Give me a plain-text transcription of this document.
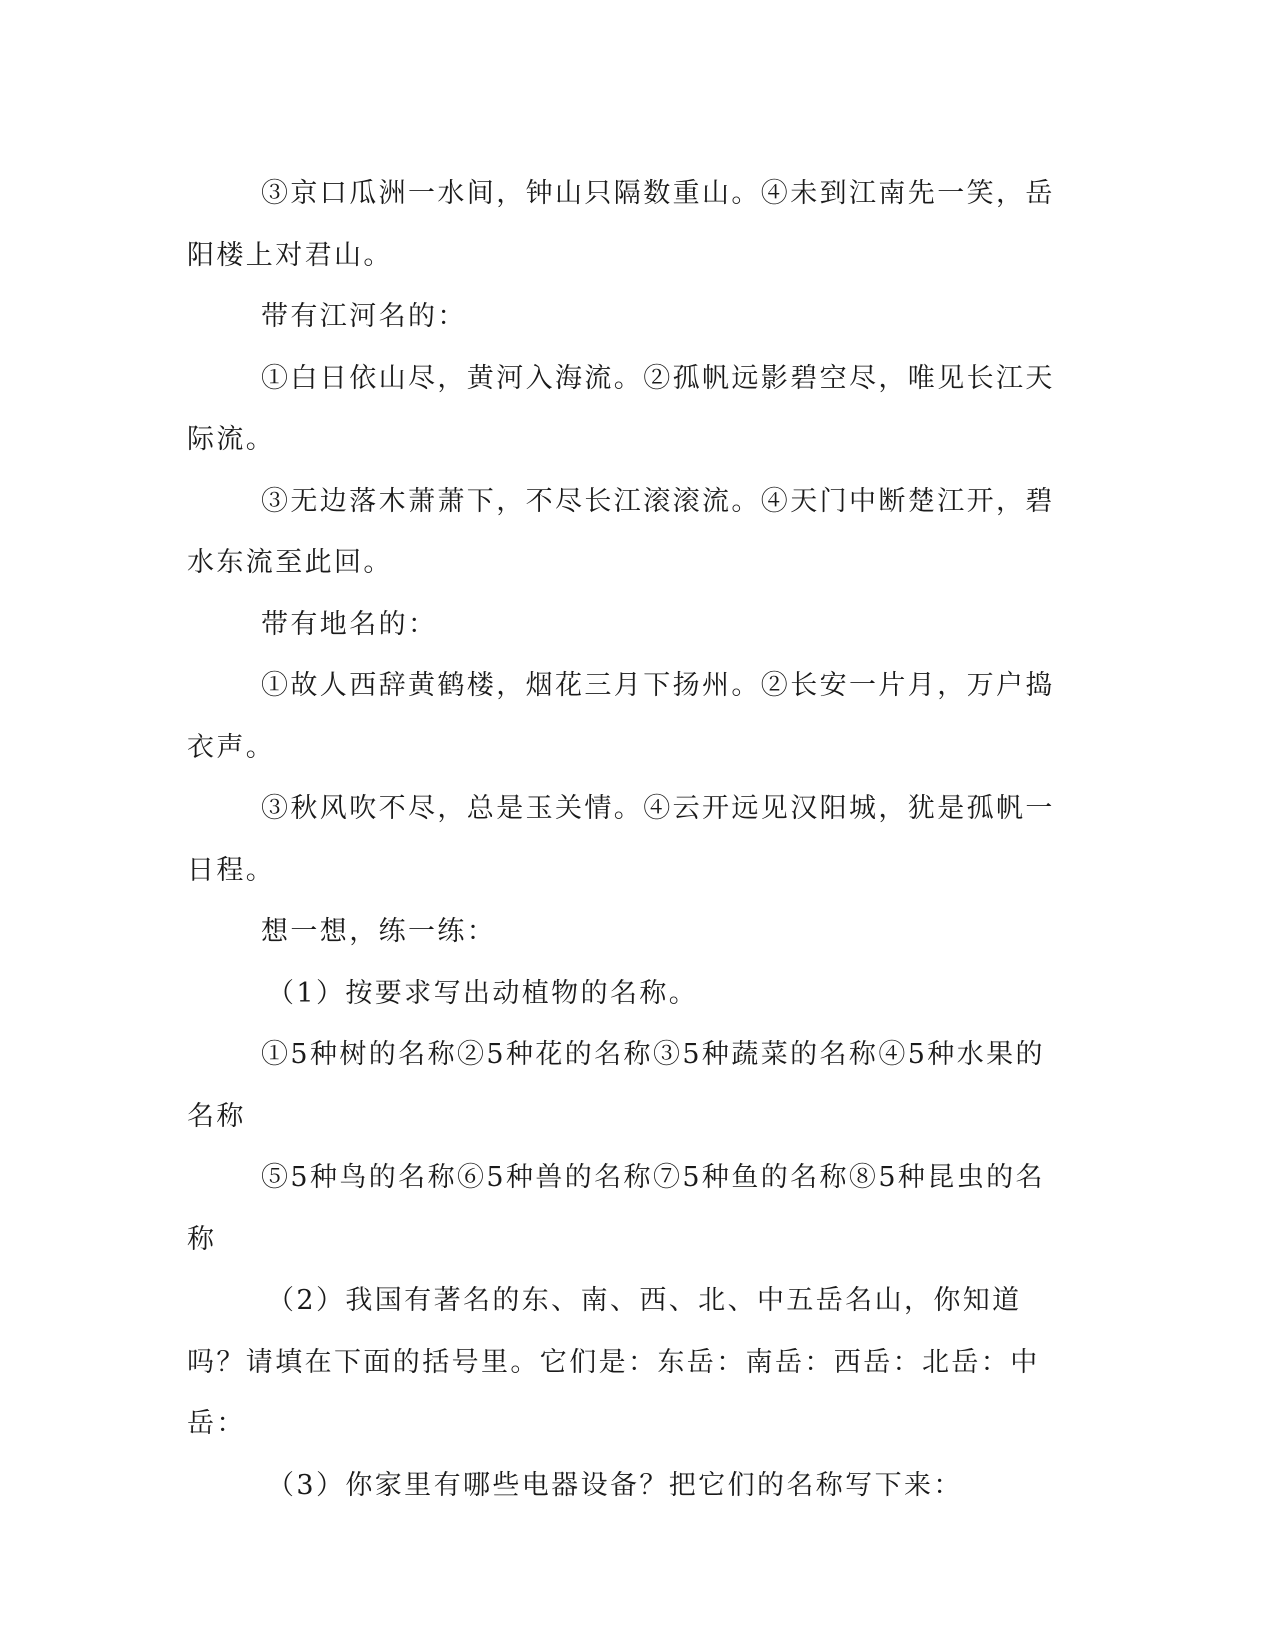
③京口瓜洲一水间，钟山只隔数重山。④未到江南先一笑，岳阳楼上对君山。

带有江河名的：

①白日依山尽，黄河入海流。②孤帆远影碧空尽，唯见长江天际流。

③无边落木萧萧下，不尽长江滚滚流。④天门中断楚江开，碧水东流至此回。

带有地名的：

①故人西辞黄鹤楼，烟花三月下扬州。②长安一片月，万户捣衣声。

③秋风吹不尽，总是玉关情。④云开远见汉阳城，犹是孤帆一日程。

想一想，练一练：

（1）按要求写出动植物的名称。

①5种树的名称②5种花的名称③5种蔬菜的名称④5种水果的名称

⑤5种鸟的名称⑥5种兽的名称⑦5种鱼的名称⑧5种昆虫的名称

（2）我国有著名的东、南、西、北、中五岳名山，你知道吗？请填在下面的括号里。它们是：东岳：南岳：西岳：北岳：中岳：

（3）你家里有哪些电器设备？把它们的名称写下来：
